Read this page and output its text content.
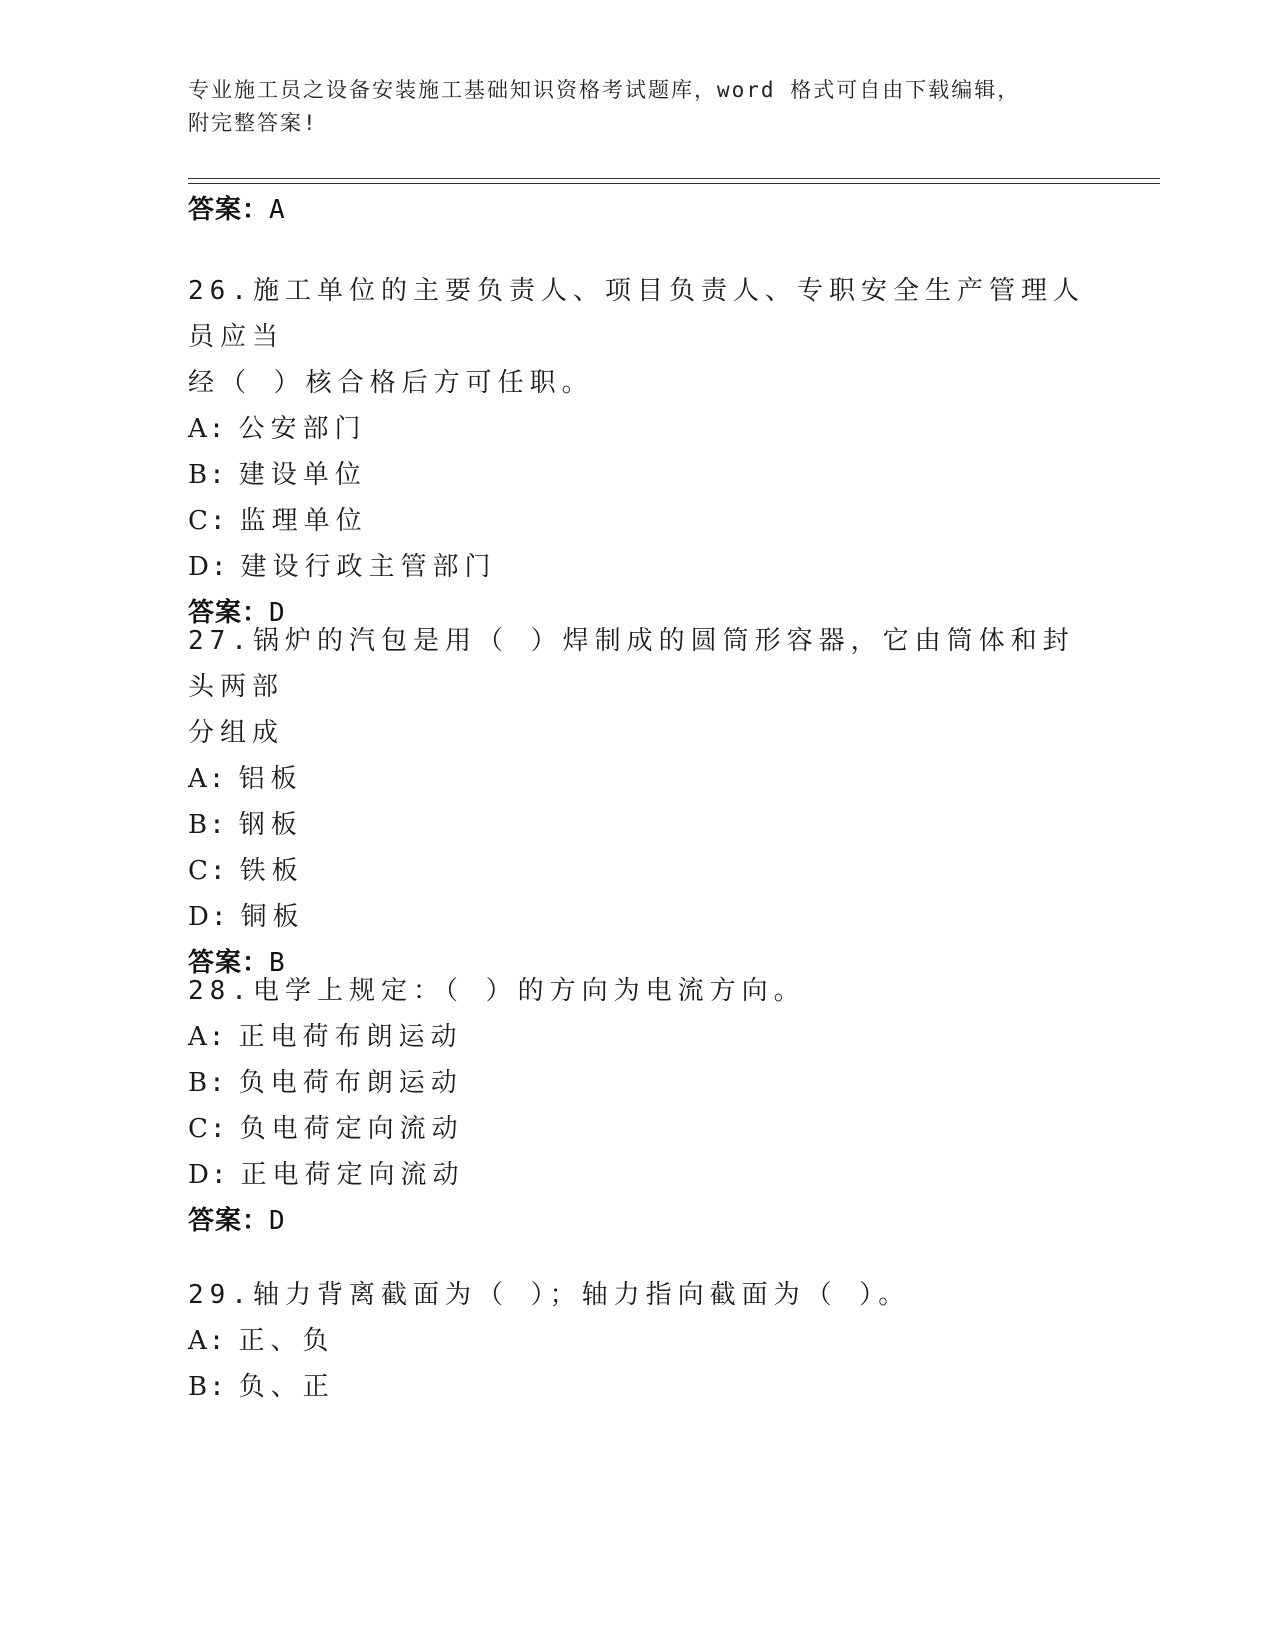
专业施工员之设备安装施工基础知识资格考试题库，word 格式可自由下载编辑，
附完整答案!
答案：A
26.施工单位的主要负责人、项目负责人、专职安全生产管理人员应当
经（ ）核合格后方可任职。
A: 公安部门
B: 建设单位
C: 监理单位
D: 建设行政主管部门
答案：D
27.锅炉的汽包是用（ ）焊制成的圆筒形容器，它由筒体和封头两部
分组成
A: 铝板
B: 钢板
C: 铁板
D: 铜板
答案：B
28.电学上规定：（ ）的方向为电流方向。
A: 正电荷布朗运动
B: 负电荷布朗运动
C: 负电荷定向流动
D: 正电荷定向流动
答案：D
29.轴力背离截面为（ ）；轴力指向截面为（ ）。
A: 正、负
B: 负、正
